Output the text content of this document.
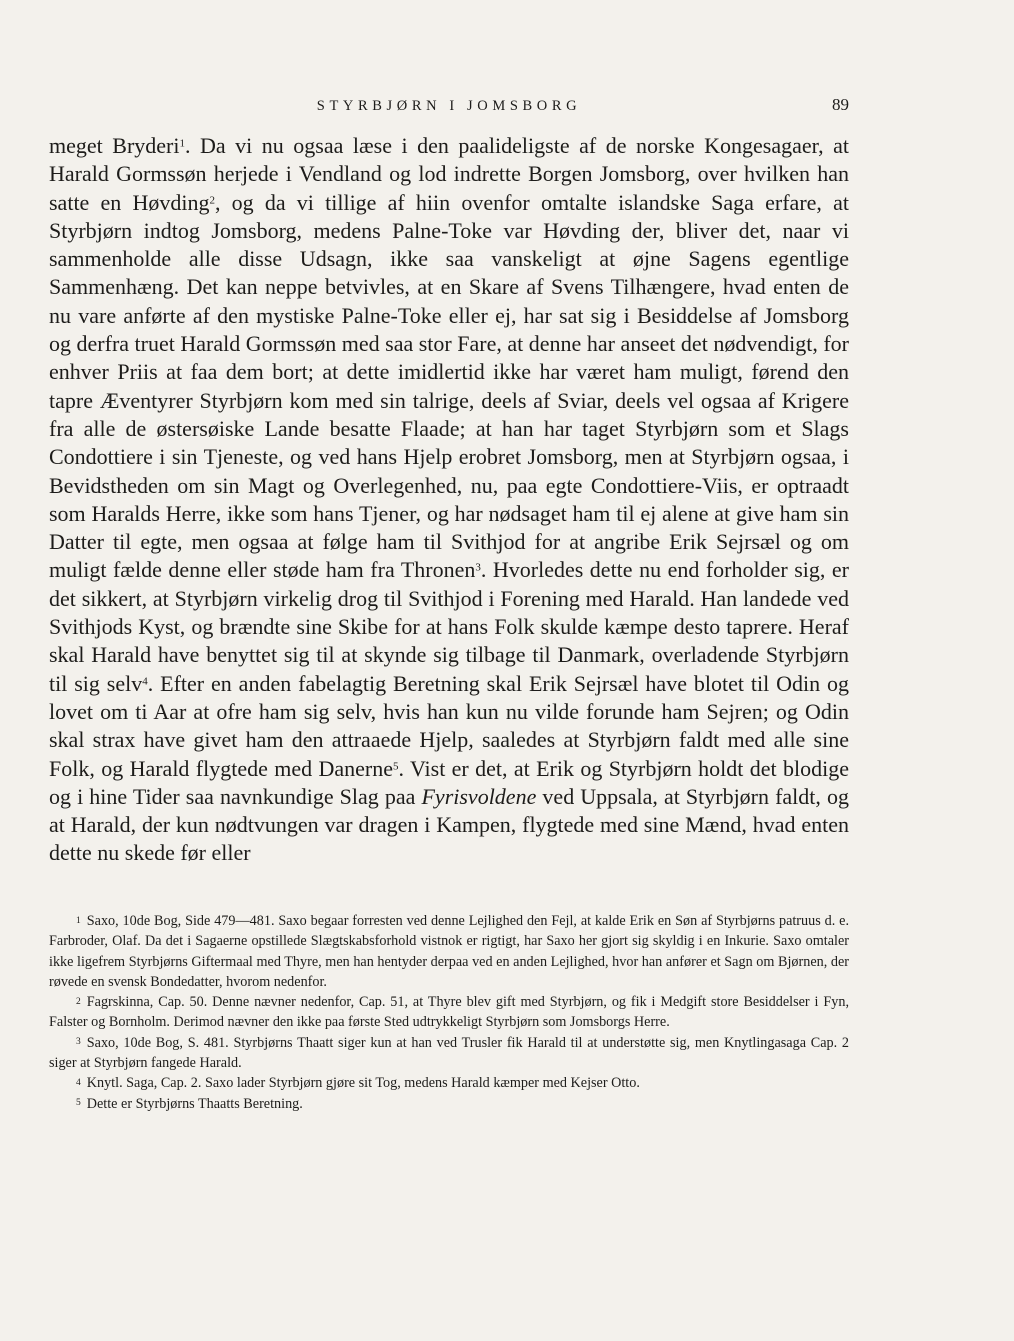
STYRBJØRN I JOMSBORG	89

meget Bryderi$^1$. Da vi nu ogsaa læse i den paalideligste af de norske Kongesagaer, at Harald Gormssøn herjede i Vendland og lod indrette Borgen Jomsborg, over hvilken han satte en Høvding$^2$, og da vi tillige af hiin ovenfor omtalte islandske Saga erfare, at Styrbjørn indtog Jomsborg, medens Palne-Toke var Høvding der, bliver det, naar vi sammenholde alle disse Udsagn, ikke saa vanskeligt at øjne Sagens egentlige Sammenhæng. Det kan neppe betvivles, at en Skare af Svens Tilhængere, hvad enten de nu vare anførte af den mystiske Palne-Toke eller ej, har sat sig i Besiddelse af Jomsborg og derfra truet Harald Gormssøn med saa stor Fare, at denne har anseet det nødvendigt, for enhver Priis at faa dem bort; at dette imidlertid ikke har været ham muligt, førend den tapre Æventyrer Styrbjørn kom med sin talrige, deels af Sviar, deels vel ogsaa af Krigere fra alle de østersøiske Lande besatte Flaade; at han har taget Styrbjørn som et Slags Condottiere i sin Tjeneste, og ved hans Hjelp erobret Jomsborg, men at Styrbjørn ogsaa, i Bevidstheden om sin Magt og Overlegenhed, nu, paa egte Condottiere-Viis, er optraadt som Haralds Herre, ikke som hans Tjener, og har nødsaget ham til ej alene at give ham sin Datter til egte, men ogsaa at følge ham til Svithjod for at angribe Erik Sejrsæl og om muligt fælde denne eller støde ham fra Thronen$^3$. Hvorledes dette nu end forholder sig, er det sikkert, at Styrbjørn virkelig drog til Svithjod i Forening med Harald. Han landede ved Svithjods Kyst, og brændte sine Skibe for at hans Folk skulde kæmpe desto taprere. Heraf skal Harald have benyttet sig til at skynde sig tilbage til Danmark, overladende Styrbjørn til sig selv$^4$. Efter en anden fabelagtig Beretning skal Erik Sejrsæl have blotet til Odin og lovet om ti Aar at ofre ham sig selv, hvis han kun nu vilde forunde ham Sejren; og Odin skal strax have givet ham den attraaede Hjelp, saaledes at Styrbjørn faldt med alle sine Folk, og Harald flygtede med Danerne$^5$. Vist er det, at Erik og Styrbjørn holdt det blodige og i hine Tider saa navnkundige Slag paa Fyrisvoldene ved Uppsala, at Styrbjørn faldt, og at Harald, der kun nødtvungen var dragen i Kampen, flygtede med sine Mænd, hvad enten dette nu skede før eller

1 Saxo, 10de Bog, Side 479—481. Saxo begaar forresten ved denne Lejlighed den Fejl, at kalde Erik en Søn af Styrbjørns patruus d. e. Farbroder, Olaf. Da det i Sagaerne opstillede Slægtskabsforhold vistnok er rigtigt, har Saxo her gjort sig skyldig i en Inkurie. Saxo omtaler ikke ligefrem Styrbjørns Giftermaal med Thyre, men han hentyder derpaa ved en anden Lejlighed, hvor han anfører et Sagn om Bjørnen, der røvede en svensk Bondedatter, hvorom nedenfor.

2 Fagrskinna, Cap. 50. Denne nævner nedenfor, Cap. 51, at Thyre blev gift med Styrbjørn, og fik i Medgift store Besiddelser i Fyn, Falster og Bornholm. Derimod nævner den ikke paa første Sted udtrykkeligt Styrbjørn som Jomsborgs Herre.

3 Saxo, 10de Bog, S. 481. Styrbjørns Thaatt siger kun at han ved Trusler fik Harald til at understøtte sig, men Knytlingasaga Cap. 2 siger at Styrbjørn fangede Harald.

4 Knytl. Saga, Cap. 2. Saxo lader Styrbjørn gjøre sit Tog, medens Harald kæmper med Kejser Otto.

5 Dette er Styrbjørns Thaatts Beretning.
